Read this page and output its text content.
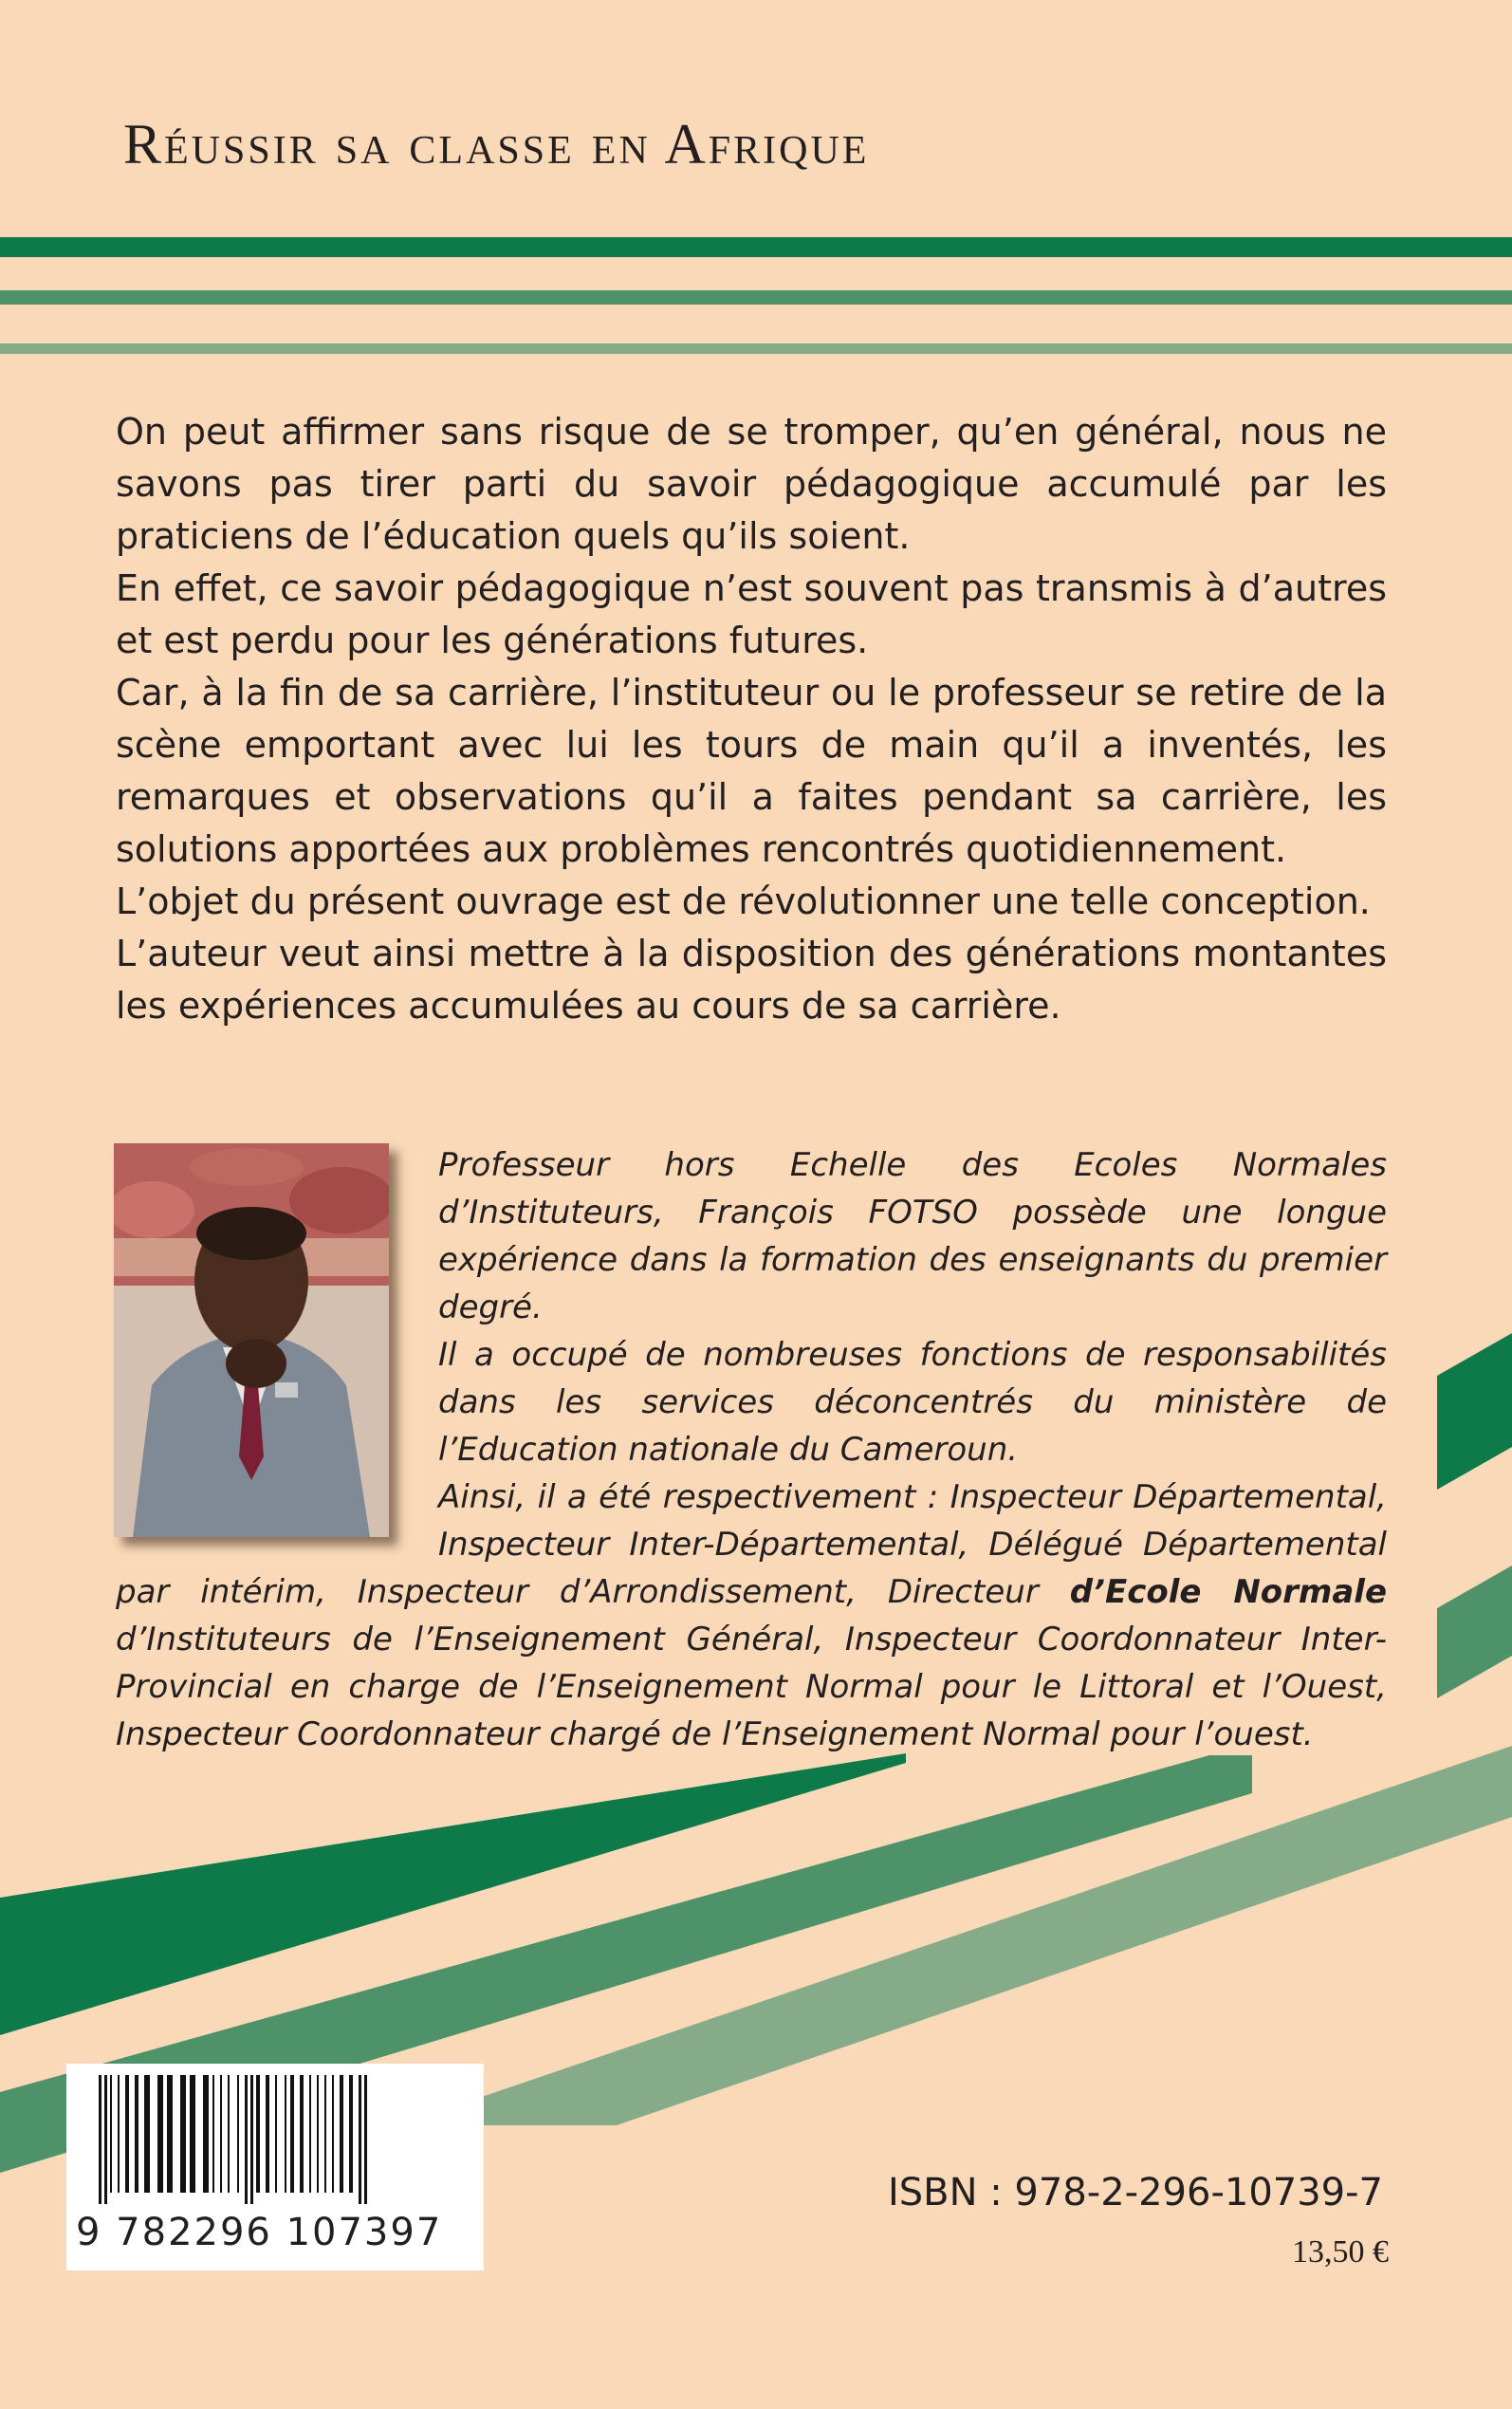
Réussir sa classe en Afrique

On peut affirmer sans risque de se tromper, qu’en général, nous ne savons pas tirer parti du savoir pédagogique accumulé par les praticiens de l’éducation quels qu’ils soient.

En effet, ce savoir pédagogique n’est souvent pas transmis à d’autres et est perdu pour les générations futures.

Car, à la fin de sa carrière, l’instituteur ou le professeur se retire de la scène emportant avec lui les tours de main qu’il a inventés, les remarques et observations qu’il a faites pendant sa carrière, les solutions apportées aux problèmes rencontrés quotidiennement.

L’objet du présent ouvrage est de révolutionner une telle conception.

L’auteur veut ainsi mettre à la disposition des générations montantes les expériences accumulées au cours de sa carrière.

Professeur hors Echelle des Ecoles Normales d’Instituteurs, François FOTSO possède une longue expérience dans la formation des enseignants du premier degré.

Il a occupé de nombreuses fonctions de responsabilités dans les services déconcentrés du ministère de l’Education nationale du Cameroun.

Ainsi, il a été respectivement : Inspecteur Départemental, Inspecteur Inter-Départemental, Délégué Départemental par intérim, Inspecteur d’Arrondissement, Directeur d’Ecole Normale d’Instituteurs de l’Enseignement Général, Inspecteur Coordonnateur Inter-Provincial en charge de l’Enseignement Normal pour le Littoral et l’Ouest, Inspecteur Coordonnateur chargé de l’Enseignement Normal pour l’ouest.

9 782296 107397
ISBN : 978-2-296-10739-7
13,50 €
